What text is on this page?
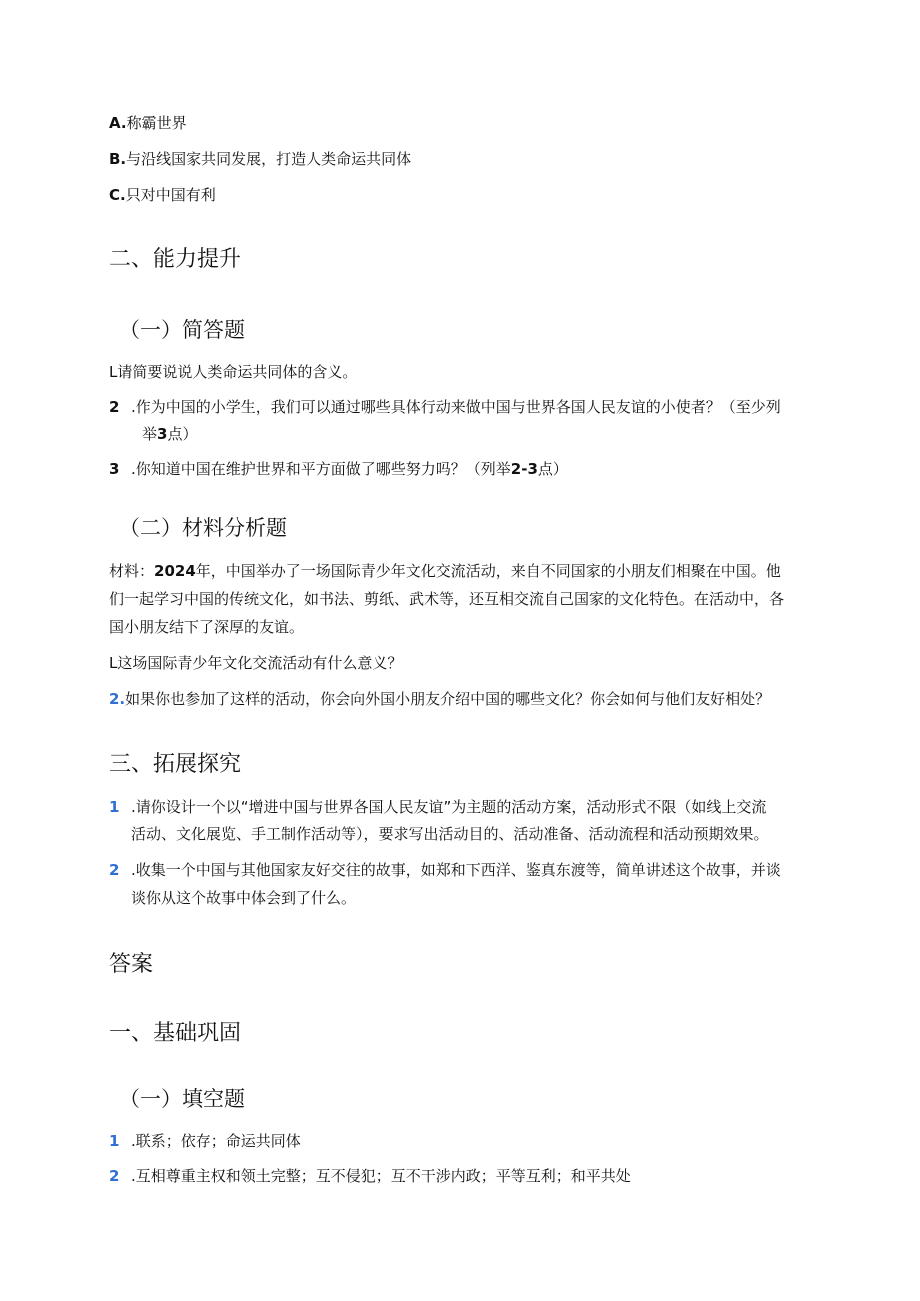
A.称霸世界
B.与沿线国家共同发展，打造人类命运共同体
C.只对中国有利
二、能力提升
（一）简答题
L请简要说说人类命运共同体的含义。
2 .作为中国的小学生，我们可以通过哪些具体行动来做中国与世界各国人民友谊的小使者？（至少列
举3点）
3 .你知道中国在维护世界和平方面做了哪些努力吗？（列举2-3点）
（二）材料分析题
材料：2024年，中国举办了一场国际青少年文化交流活动，来自不同国家的小朋友们相聚在中国。他
们一起学习中国的传统文化，如书法、剪纸、武术等，还互相交流自己国家的文化特色。在活动中，各
国小朋友结下了深厚的友谊。
L这场国际青少年文化交流活动有什么意义？
2.如果你也参加了这样的活动，你会向外国小朋友介绍中国的哪些文化？你会如何与他们友好相处？
三、拓展探究
1 .请你设计一个以“增进中国与世界各国人民友谊”为主题的活动方案，活动形式不限（如线上交流
活动、文化展览、手工制作活动等），要求写出活动目的、活动准备、活动流程和活动预期效果。
2 .收集一个中国与其他国家友好交往的故事，如郑和下西洋、鉴真东渡等，简单讲述这个故事，并谈
谈你从这个故事中体会到了什么。
答案
一、基础巩固
（一）填空题
1 .联系；依存；命运共同体
2 .互相尊重主权和领土完整；互不侵犯；互不干涉内政；平等互利；和平共处
